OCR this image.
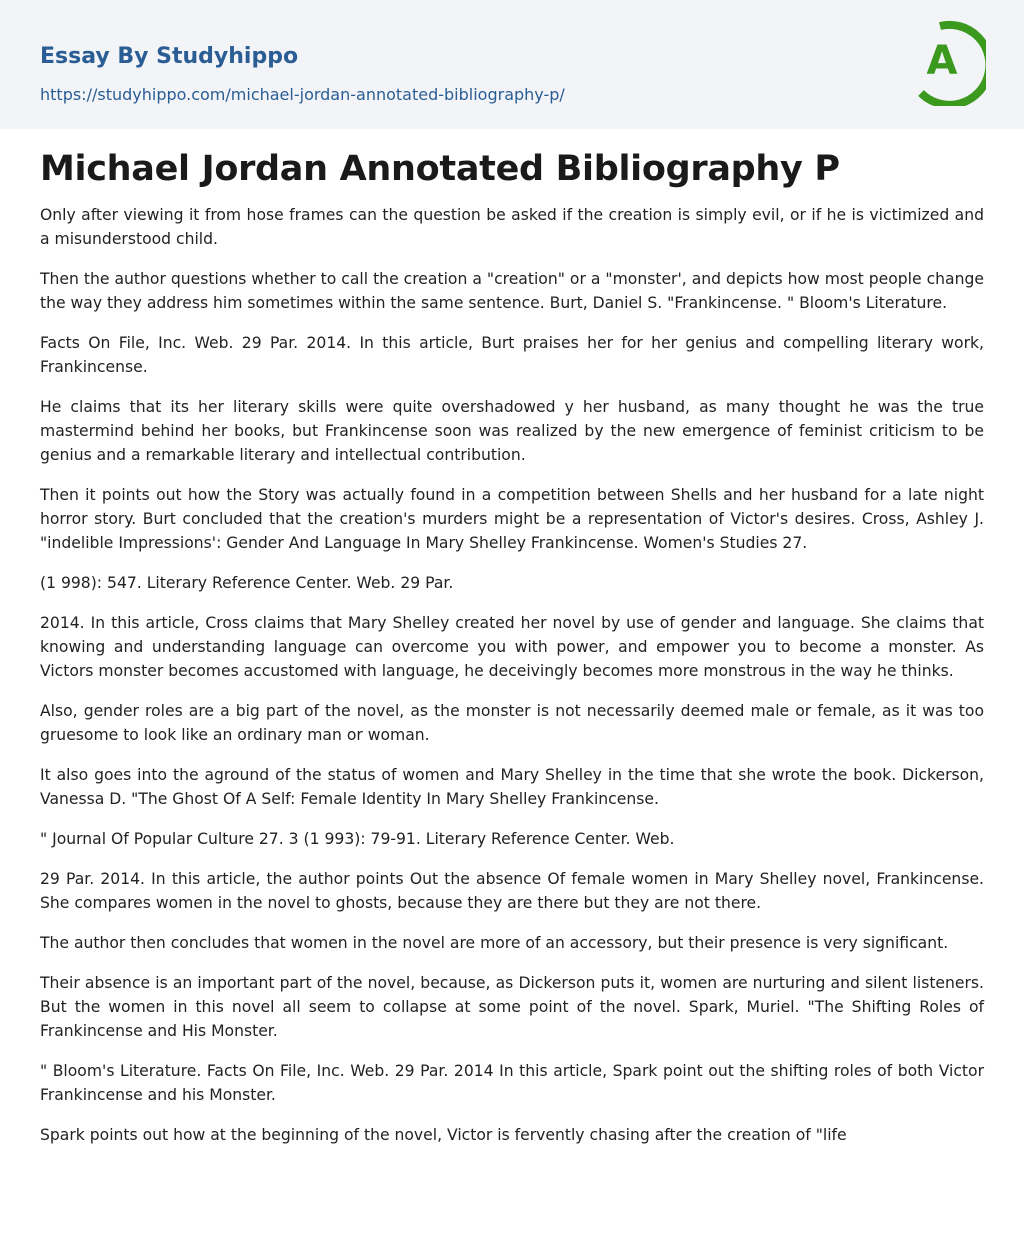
Essay By Studyhippo
https://studyhippo.com/michael-jordan-annotated-bibliography-p/
A
Michael Jordan Annotated Bibliography P

Only after viewing it from hose frames can the question be asked if the creation is simply evil, or if he is victimized and a misunderstood child.

Then the author questions whether to call the creation a "creation" or a "monster', and depicts how most people change the way they address him sometimes within the same sentence. Burt, Daniel S. "Frankincense. " Bloom's Literature.

Facts On File, Inc. Web. 29 Par. 2014. In this article, Burt praises her for her genius and compelling literary work, Frankincense.

He claims that its her literary skills were quite overshadowed y her husband, as many thought he was the true mastermind behind her books, but Frankincense soon was realized by the new emergence of feminist criticism to be genius and a remarkable literary and intellectual contribution.

Then it points out how the Story was actually found in a competition between Shells and her husband for a late night horror story. Burt concluded that the creation's murders might be a representation of Victor's desires. Cross, Ashley J. "indelible Impressions': Gender And Language In Mary Shelley Frankincense. Women's Studies 27.

(1 998): 547. Literary Reference Center. Web. 29 Par.

2014. In this article, Cross claims that Mary Shelley created her novel by use of gender and language. She claims that knowing and understanding language can overcome you with power, and empower you to become a monster. As Victors monster becomes accustomed with language, he deceivingly becomes more monstrous in the way he thinks.

Also, gender roles are a big part of the novel, as the monster is not necessarily deemed male or female, as it was too gruesome to look like an ordinary man or woman.

It also goes into the aground of the status of women and Mary Shelley in the time that she wrote the book. Dickerson, Vanessa D. "The Ghost Of A Self: Female Identity In Mary Shelley Frankincense.

" Journal Of Popular Culture 27. 3 (1 993): 79-91. Literary Reference Center. Web.

29 Par. 2014. In this article, the author points Out the absence Of female women in Mary Shelley novel, Frankincense. She compares women in the novel to ghosts, because they are there but they are not there.

The author then concludes that women in the novel are more of an accessory, but their presence is very significant.

Their absence is an important part of the novel, because, as Dickerson puts it, women are nurturing and silent listeners. But the women in this novel all seem to collapse at some point of the novel. Spark, Muriel. "The Shifting Roles of Frankincense and His Monster.

" Bloom's Literature. Facts On File, Inc. Web. 29 Par. 2014 In this article, Spark point out the shifting roles of both Victor Frankincense and his Monster.

Spark points out how at the beginning of the novel, Victor is fervently chasing after the creation of "life
